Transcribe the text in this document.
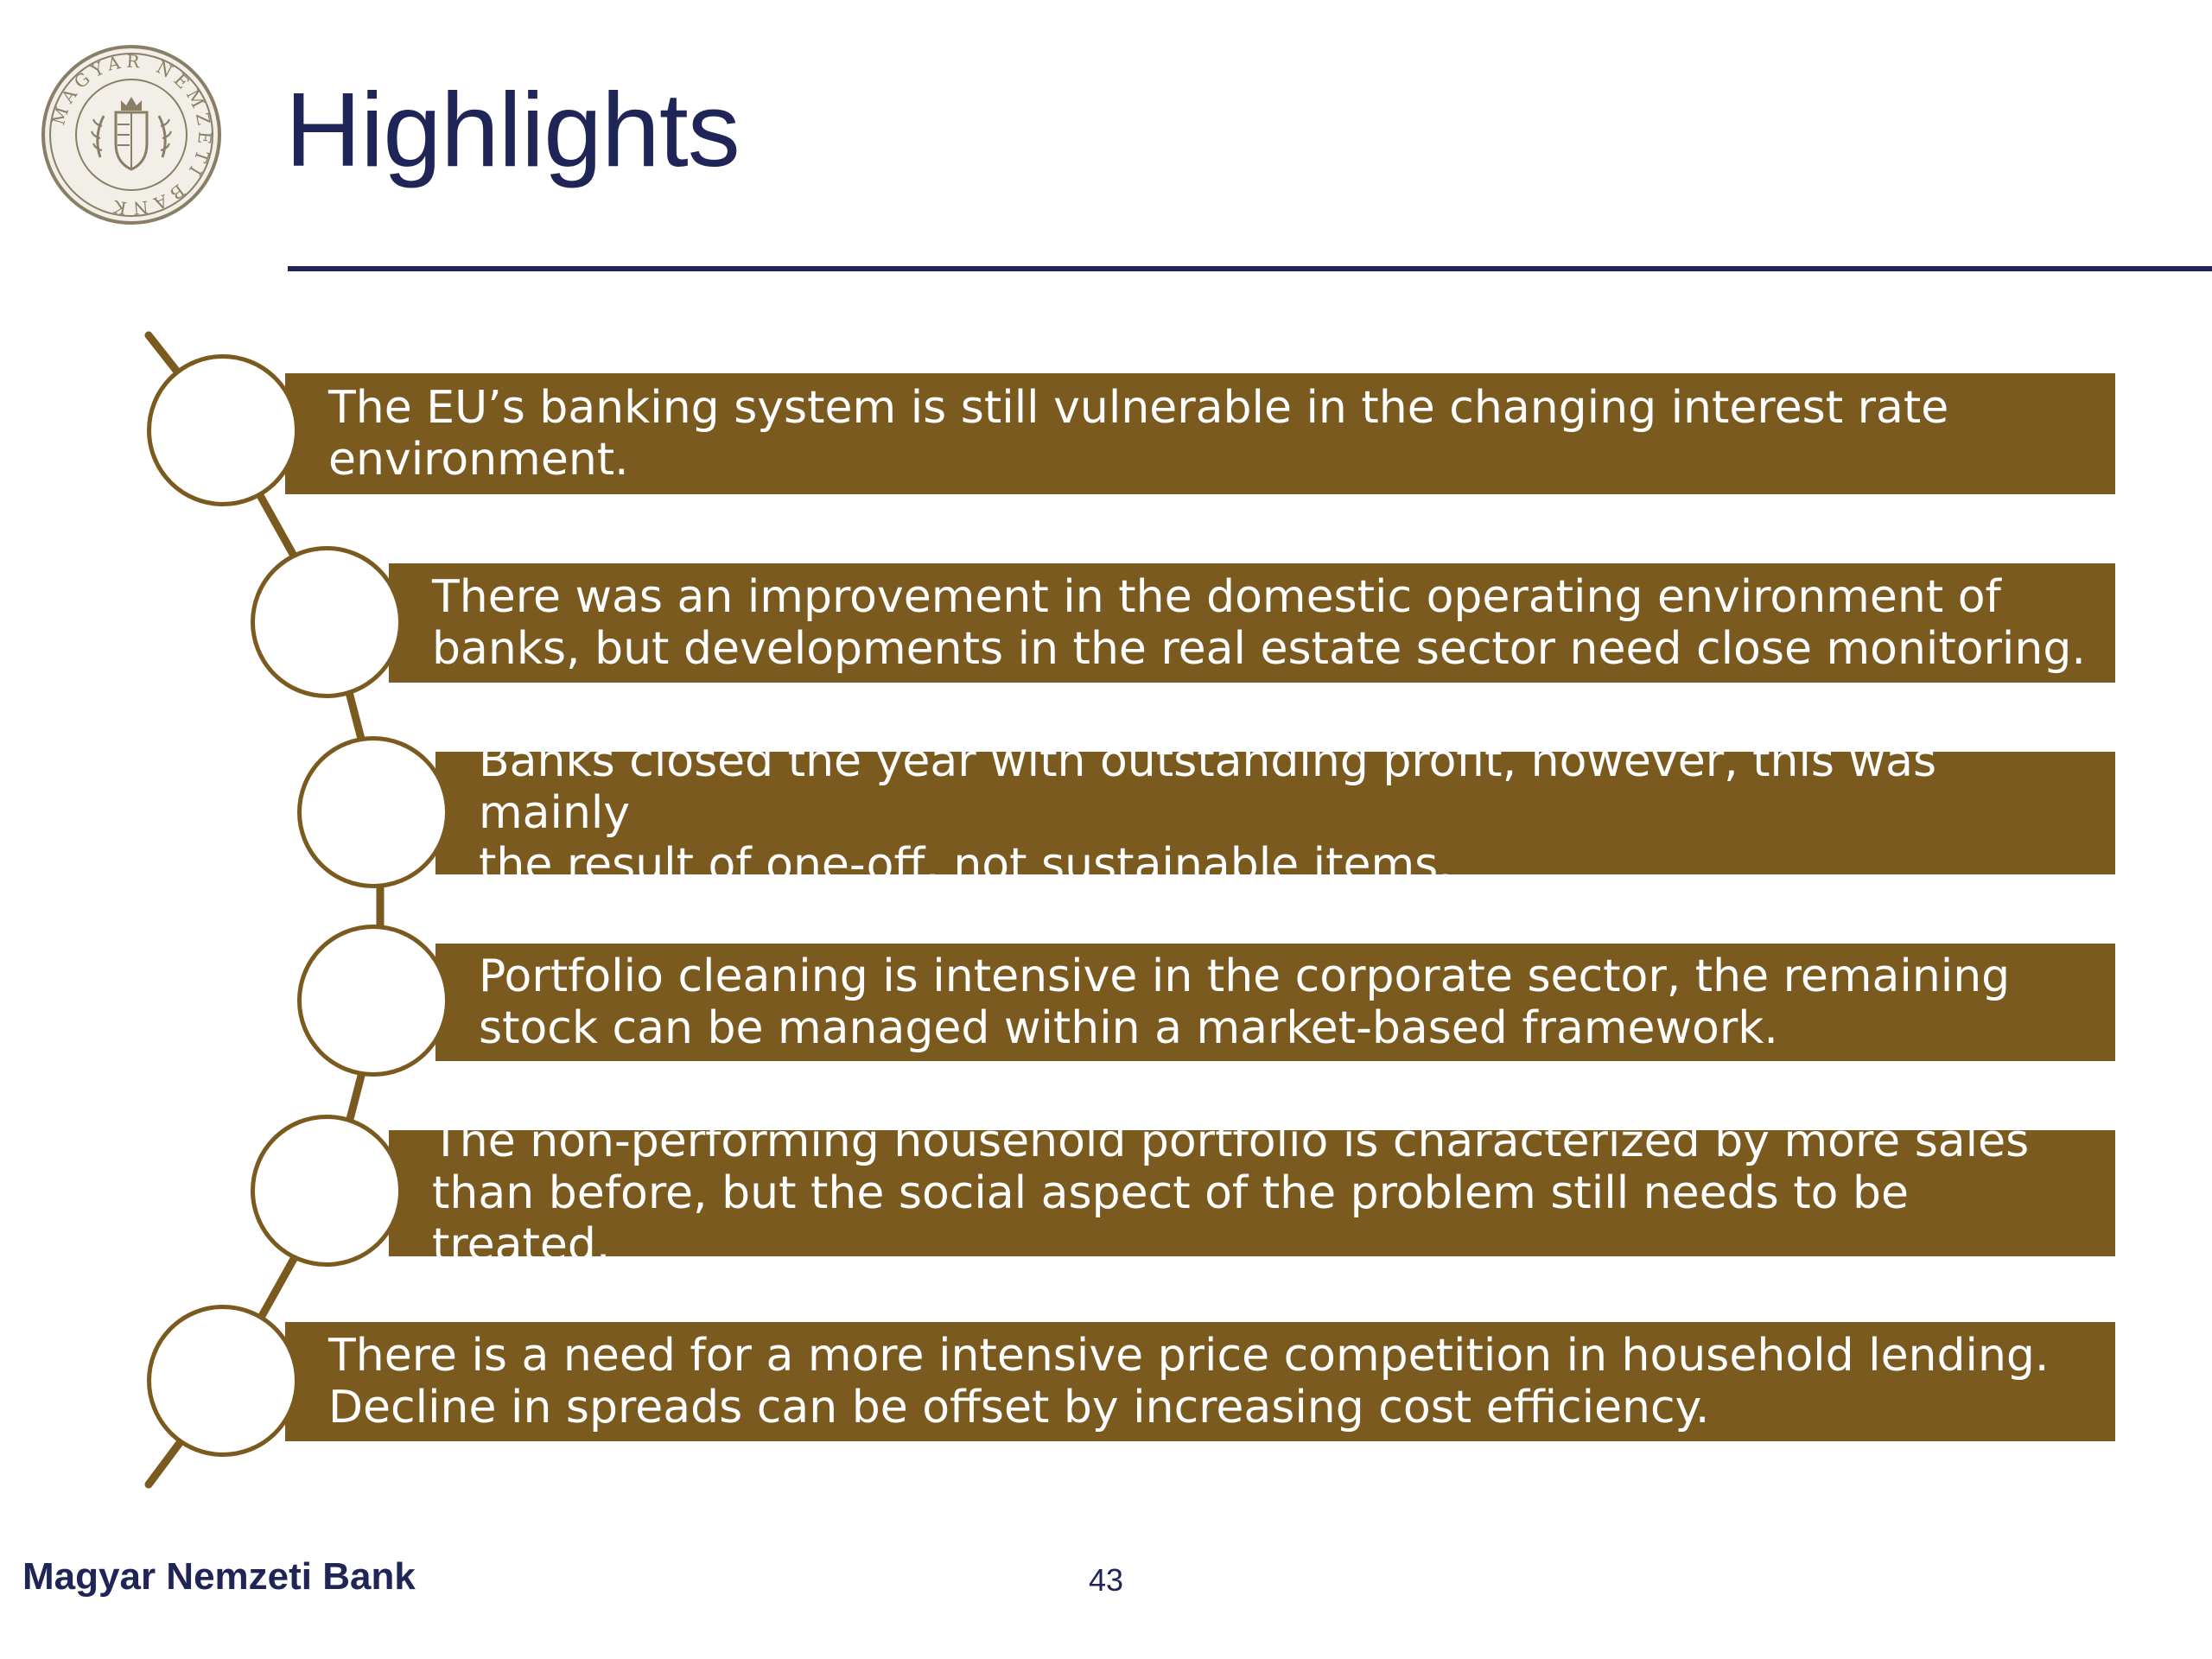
MAGYAR NEMZETI BANK
Highlights
The EU’s banking system is still vulnerable in the changing interest rate
environment.
There was an improvement in the domestic operating environment of
banks, but developments in the real estate sector need close monitoring.
Banks closed the year with outstanding profit, however, this was mainly
the result of one-off, not sustainable items.
Portfolio cleaning is intensive in the corporate sector, the remaining
stock can be managed within a market-based framework.
The non-performing household portfolio is characterized by more sales
than before, but the social aspect of the problem still needs to be treated.
There is a need for a more intensive price competition in household lending.
Decline in spreads can be offset by increasing cost efficiency.
Magyar Nemzeti Bank	43
